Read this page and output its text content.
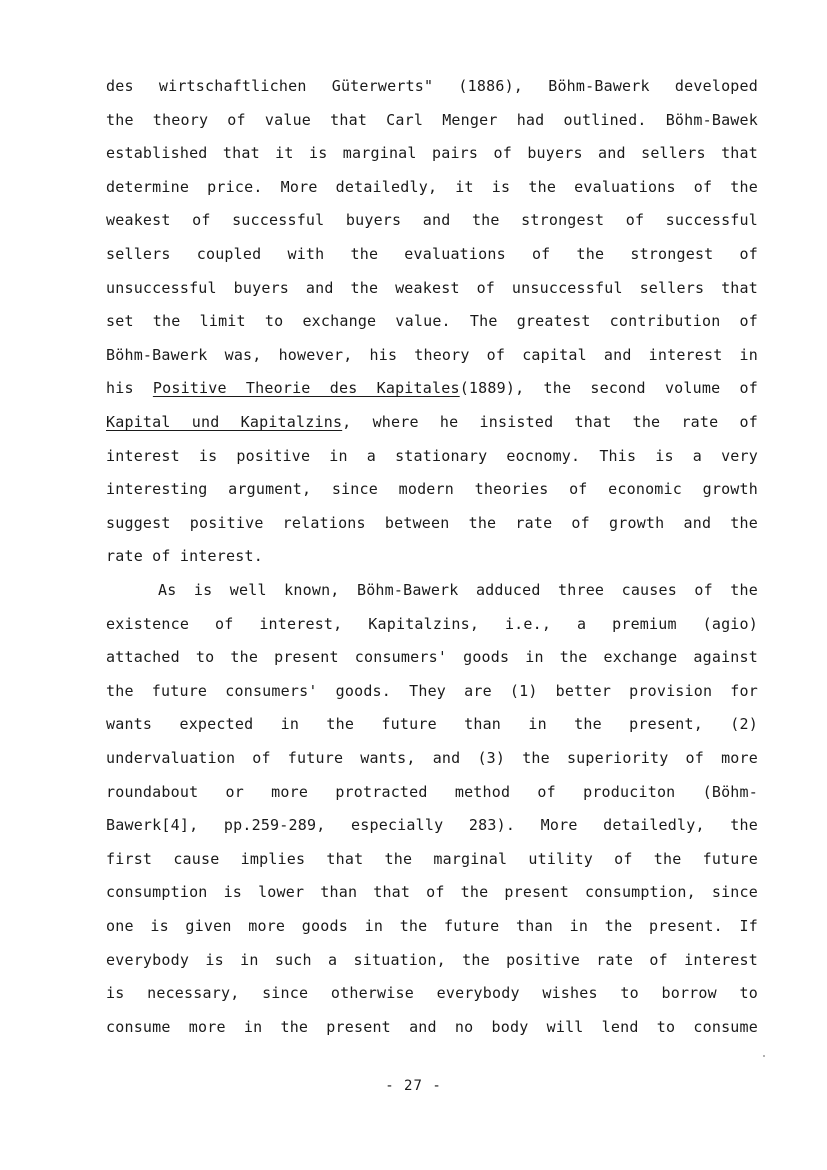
des wirtschaftlichen Güterwerts" (1886), Böhm-Bawerk developed
the theory of value that Carl Menger had outlined. Böhm-Bawek
established that it is marginal pairs of buyers and sellers that
determine price. More detailedly, it is the evaluations of the
weakest of successful buyers and the strongest of successful
sellers coupled with the evaluations of the strongest of
unsuccessful buyers and the weakest of unsuccessful sellers that
set the limit to exchange value. The greatest contribution of
Böhm-Bawerk was, however, his theory of capital and interest in
his Positive Theorie des Kapitales(1889), the second volume of
Kapital und Kapitalzins, where he insisted that the rate of
interest is positive in a stationary eocnomy. This is a very
interesting argument, since modern theories of economic growth
suggest positive relations between the rate of growth and the
rate of interest.
As is well known, Böhm-Bawerk adduced three causes of the
existence of interest, Kapitalzins, i.e., a premium (agio)
attached to the present consumers' goods in the exchange against
the future consumers' goods. They are (1) better provision for
wants expected in the future than in the present, (2)
undervaluation of future wants, and (3) the superiority of more
roundabout or more protracted method of produciton (Böhm-
Bawerk[4], pp.259-289, especially 283). More detailedly, the
first cause implies that the marginal utility of the future
consumption is lower than that of the present consumption, since
one is given more goods in the future than in the present. If
everybody is in such a situation, the positive rate of interest
is necessary, since otherwise everybody wishes to borrow to
consume more in the present and no body will lend to consume
- 27 -
